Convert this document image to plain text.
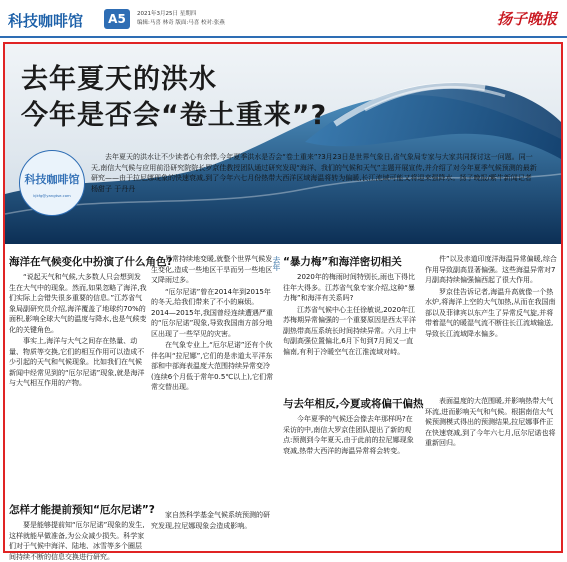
科技咖啡馆	A5	2021年3月25日 星期四
编辑:马喜 林奇 版面:马喜 校对:张燕	扬子晚报
去年夏天的洪水
今年是否会“卷土重来”?
科技咖啡馆
kjkfg@yangtse.com
去年夏天的洪水让不少读者心有余悸,今年夏季洪水是否会“卷土重来”?3月23日是世界气象日,省气象局专家与大家共同探讨这一问题。同一天,南信大气候与应用前沿研究院院长罗京佳教授团队通过研究发现“海洋、我们的气候和天气”主题开展宣传,并介绍了对今年夏季气候预测的最新研究——由于拉尼娜现象的快速衰减,到了今年六七月份热带大西洋区域海温将转为偏暖,长江流域可能又将迎来强降水。扬子晚报/紫牛新闻记者 杨甜子 于丹丹
海洋在气候变化中扮演了什么角色?

“说起天气和气候,大多数人只会想到发生在大气中的现象。然而,如果忽略了海洋,我们实际上会错失很多重要的信息。”江苏省气象局副研究员介绍,海洋覆盖了地球约70%的面积,影响全球大气的温度与降水,也是气候变化的关键角色。

事实上,海洋与大气之间存在热量、动量、物质等交换,它们的相互作用可以造成不少引起的天气和气候现象。比如我们在气候新闻中经常见到的“厄尔尼诺”现象,就是海洋与大气相互作用的产物。

怎样才能提前预知“厄尔尼诺”?

要是能够提前知“厄尔尼诺”现象的发生,这样就能早做准备,为公众减少损失。科学家们对于气候中海洋、陆地、冰雪等多个圈层间持续不断的信息交换进行研究。

异常持续地变暖,就整个世界气候发生变化,造成一些地区干旱而另一些地区又降雨过多。

“厄尔尼诺”曾在2014年到2015年的冬天,给我们带来了不小的麻烦。2014—2015年,我国曾经连续遭遇严重的“厄尔尼诺”现象,导致我国南方部分地区出现了一些罕见的灾害。

在气象专业上,“厄尔尼诺”还有个伙伴名叫“拉尼娜”,它们的是赤道太平洋东部和中部海表温度大范围持续异常变冷(连续6个月低于常年0.5℃以上),它们常常交替出现。

家自然科学基金气候系统预测的研究发现,拉尼娜现象会造成影响。

去年 “暴力梅”和海洋密切相关

2020年的梅雨时间特别长,雨也下得比往年大得多。江苏省气象专家介绍,这种“暴力梅”和海洋有关系吗?

江苏省气候中心主任徐敏说,2020年江苏梅期异常偏强的一个重要原因是西太平洋副热带高压系统长时间持续异常。六月上中旬副高强位置偏北,6月下旬到7月间又一直偏南,有利于冷暖空气在江淮流域对峙。

与去年相反,今夏或将偏干偏热

今年夏季的气候还会像去年那样吗?在采访的中,南信大罗京佳团队提出了新的观点:预测到今年夏天,由于此前的拉尼娜现象衰减,热带大西洋的海温异常将会转变。

件”以及赤道印度洋海温异常偏暖,综合作用导致副高显著偏强。这些海温异常对7月副高持续偏强偏西起了很大作用。

罗京佳告诉记者,海温升高就像一个热水炉,将海洋上空的大气加热,从而在我国南部以及菲律宾以东产生了异常反气旋,并将带着湿气的暖湿气流不断往长江流域输送,导致长江流域降水偏多。

表面温度的大范围暖,并影响热带大气环流,进而影响天气和气候。根据南信大气候预测模式得出的预测结果,拉尼娜事件正在快速衰减,到了今年六七月,厄尔尼诺也将重新回归。
